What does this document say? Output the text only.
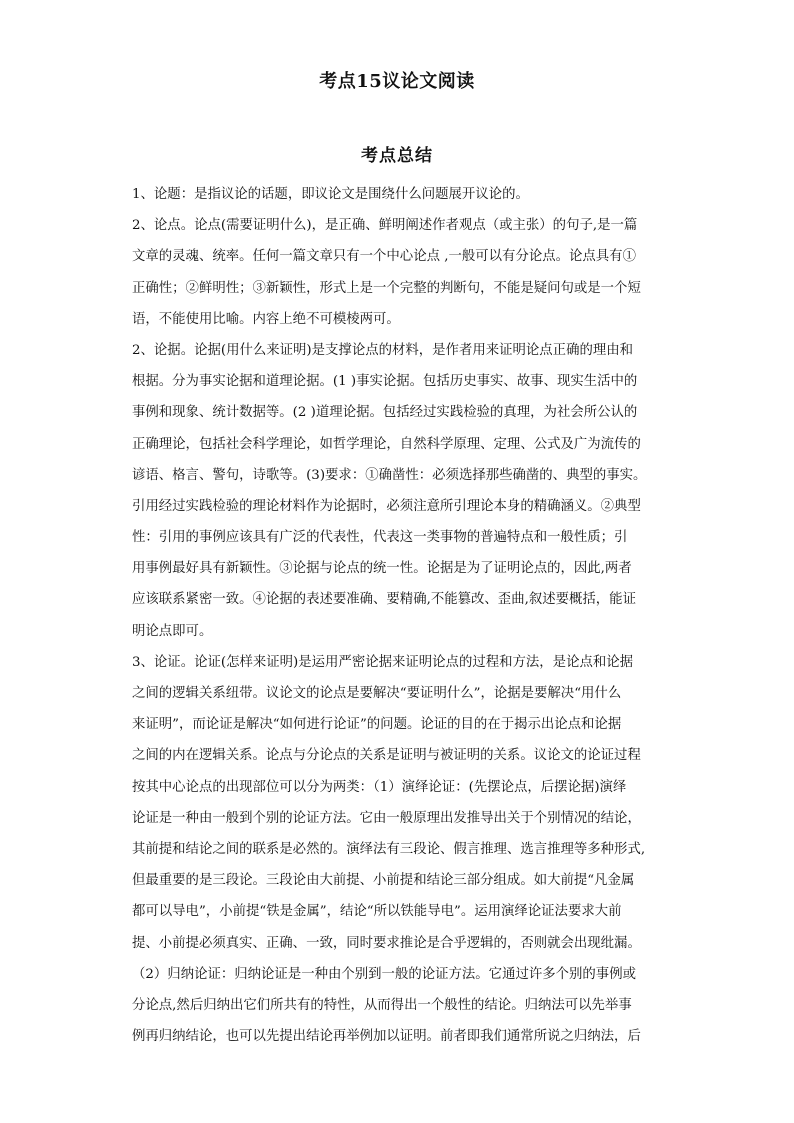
考点15议论文阅读
考点总结
1、论题：是指议论的话题，即议论文是围绕什么问题展开议论的。
2、论点。论点(需要证明什么)，是正确、鲜明阐述作者观点（或主张）的句子,是一篇
文章的灵魂、统率。任何一篇文章只有一个中心论点 ,一般可以有分论点。论点具有①
正确性；②鲜明性；③新颖性，形式上是一个完整的判断句，不能是疑问句或是一个短
语，不能使用比喻。内容上绝不可模棱两可。
2、论据。论据(用什么来证明)是支撑论点的材料，是作者用来证明论点正确的理由和
根据。分为事实论据和道理论据。(1 )事实论据。包括历史事实、故事、现实生活中的
事例和现象、统计数据等。(2 )道理论据。包括经过实践检验的真理，为社会所公认的
正确理论，包括社会科学理论，如哲学理论，自然科学原理、定理、公式及广为流传的
谚语、格言、警句，诗歌等。(3)要求：①确凿性：必须选择那些确凿的、典型的事实。
引用经过实践检验的理论材料作为论据时，必须注意所引理论本身的精确涵义。②典型
性：引用的事例应该具有广泛的代表性，代表这一类事物的普遍特点和一般性质；引
用事例最好具有新颖性。③论据与论点的统一性。论据是为了证明论点的，因此,两者
应该联系紧密一致。④论据的表述要准确、要精确,不能篡改、歪曲,叙述要概括，能证
明论点即可。
3、论证。论证(怎样来证明)是运用严密论据来证明论点的过程和方法，是论点和论据
之间的逻辑关系纽带。议论文的论点是要解决“要证明什么”，论据是要解决“用什么
来证明”，而论证是解决“如何进行论证”的问题。论证的目的在于揭示出论点和论据
之间的内在逻辑关系。论点与分论点的关系是证明与被证明的关系。议论文的论证过程
按其中心论点的出现部位可以分为两类：（1）演绎论证：(先摆论点，后摆论据)演绎
论证是一种由一般到个别的论证方法。它由一般原理出发推导出关于个别情况的结论，
其前提和结论之间的联系是必然的。演绎法有三段论、假言推理、选言推理等多种形式,
但最重要的是三段论。三段论由大前提、小前提和结论三部分组成。如大前提“凡金属
都可以导电”，小前提“铁是金属”，结论“所以铁能导电”。运用演绎论证法要求大前
提、小前提必须真实、正确、一致，同时要求推论是合乎逻辑的，否则就会出现纰漏。
（2）归纳论证：归纳论证是一种由个别到一般的论证方法。它通过许多个别的事例或
分论点,然后归纳出它们所共有的特性，从而得出一个般性的结论。归纳法可以先举事
例再归纳结论，也可以先提出结论再举例加以证明。前者即我们通常所说之归纳法，后
